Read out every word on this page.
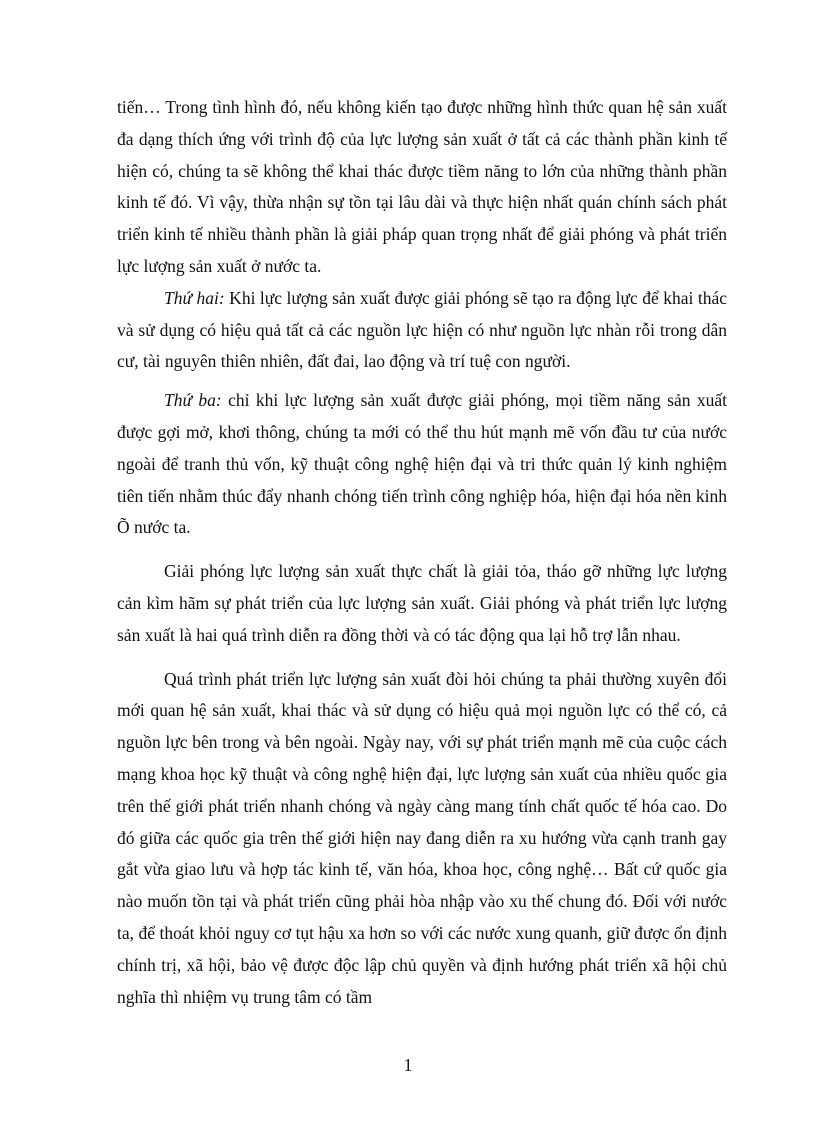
tiến… Trong tình hình đó, nếu không kiến tạo được những hình thức quan hệ sản xuất đa dạng thích ứng với trình độ của lực lượng sản xuất ở tất cả các thành phần kinh tế hiện có, chúng ta sẽ không thể khai thác được tiềm năng to lớn của những thành phần kinh tế đó. Vì vậy, thừa nhận sự tồn tại lâu dài và thực hiện nhất quán chính sách phát triển kinh tế nhiều thành phần là giải pháp quan trọng nhất để giải phóng và phát triển lực lượng sản xuất ở nước ta.

Thứ hai: Khi lực lượng sản xuất được giải phóng sẽ tạo ra động lực để khai thác và sử dụng có hiệu quả tất cả các nguồn lực hiện có như nguồn lực nhàn rỗi trong dân cư, tài nguyên thiên nhiên, đất đai, lao động và trí tuệ con người.

Thứ ba: chỉ khi lực lượng sản xuất được giải phóng, mọi tiềm năng sản xuất được gợi mở, khơi thông, chúng ta mới có thể thu hút mạnh mẽ vốn đầu tư của nước ngoài để tranh thủ vốn, kỹ thuật công nghệ hiện đại và tri thức quản lý kinh nghiệm tiên tiến nhằm thúc đẩy nhanh chóng tiến trình công nghiệp hóa, hiện đại hóa nền kinh Õ nước ta.

Giải phóng lực lượng sản xuất thực chất là giải tỏa, tháo gỡ những lực lượng cản kìm hãm sự phát triển của lực lượng sản xuất. Giải phóng và phát triển lực lượng sản xuất là hai quá trình diễn ra đồng thời và có tác động qua lại hỗ trợ lẫn nhau.

Quá trình phát triển lực lượng sản xuất đòi hỏi chúng ta phải thường xuyên đổi mới quan hệ sản xuất, khai thác và sử dụng có hiệu quả mọi nguồn lực có thể có, cả nguồn lực bên trong và bên ngoài. Ngày nay, với sự phát triển mạnh mẽ của cuộc cách mạng khoa học kỹ thuật và công nghệ hiện đại, lực lượng sản xuất của nhiều quốc gia trên thế giới phát triển nhanh chóng và ngày càng mang tính chất quốc tế hóa cao. Do đó giữa các quốc gia trên thế giới hiện nay đang diễn ra xu hướng vừa cạnh tranh gay gắt vừa giao lưu và hợp tác kinh tế, văn hóa, khoa học, công nghệ… Bất cứ quốc gia nào muốn tồn tại và phát triển cũng phải hòa nhập vào xu thế chung đó. Đối với nước ta, để thoát khỏi nguy cơ tụt hậu xa hơn so với các nước xung quanh, giữ được ổn định chính trị, xã hội, bảo vệ được độc lập chủ quyền và định hướng phát triển xã hội chủ nghĩa thì nhiệm vụ trung tâm có tầm

1
